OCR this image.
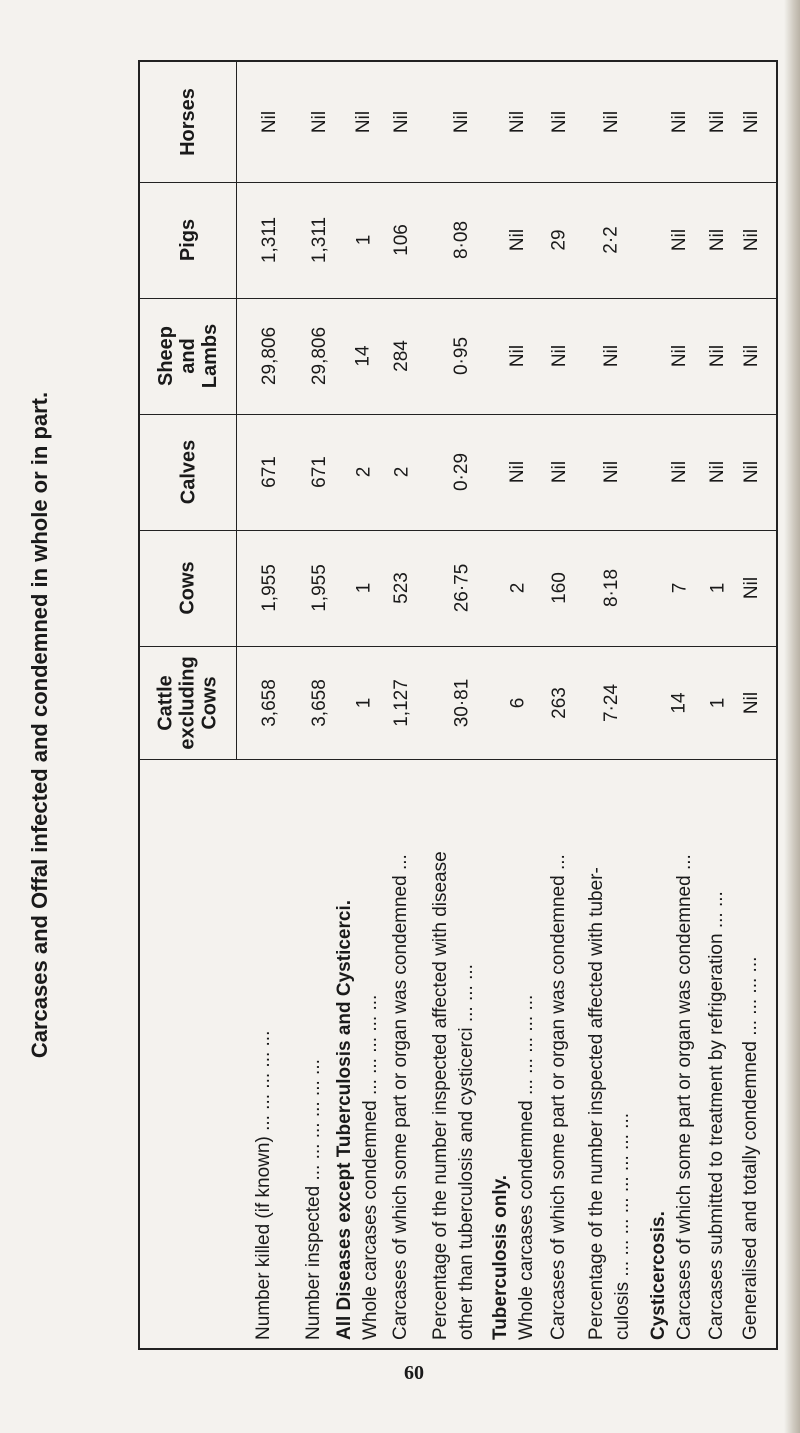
Carcases and Offal infected and condemned in whole or in part.	Cattle
excluding
Cows
Cows
Calves
Sheep
and
Lambs
Pigs
Horses
3,658
1,955
671
29,806
1,311
Nil
3,658
1,955
671
29,806
1,311
Nil
1
1
2
14
1
Nil
1,127
523
2
284
106
Nil
30·81
26·75
0·29
0·95
8·08
Nil
6
2
Nil
Nil
Nil
Nil
263
160
Nil
Nil
29
Nil
7·24
8·18
Nil
Nil
2·2
Nil
14
7
Nil
Nil
Nil
Nil
1
1
Nil
Nil
Nil
Nil
Nil
Nil
Nil
Nil
Nil
Nil
Number killed (if known) ... ... ... ... ... Number inspected ... ... ... ... ... ... All Diseases except Tuberculosis and Cysticerci. Whole carcases condemned ... ... ... ... ... Carcases of which some part or organ was condemned ... Percentage of the number inspected affected with disease other than tuberculosis and cysticerci ... ... ... Tuberculosis only. Whole carcases condemned ... ... ... ... ... Carcases of which some part or organ was condemned ... Percentage of the number inspected affected with tuber- culosis ... ... ... ... ... ... ... ... Cysticercosis. Carcases of which some part or organ was condemned ... Carcases submitted to treatment by refrigeration ... ... Generalised and totally condemned ... ... ... ...
60
